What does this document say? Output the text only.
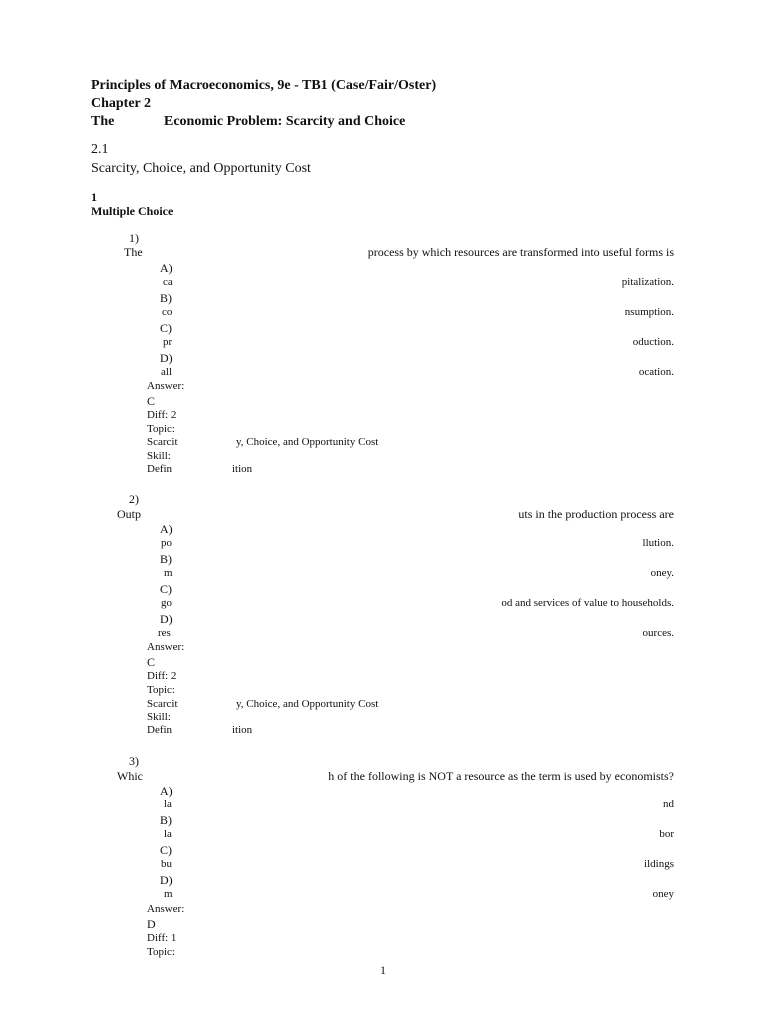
Principles of Macroeconomics, 9e - TB1 (Case/Fair/Oster)
Chapter 2
The	Economic Problem: Scarcity and Choice
2.1
Scarcity, Choice, and Opportunity Cost
1
Multiple Choice
1)
The	process by which resources are transformed into useful forms is
A)
ca	pitalization.
B)
co	nsumption.
C)
pr	oduction.
D)
all	ocation.
Answer:
C
Diff: 2
Topic:
Scarcit	y, Choice, and Opportunity Cost
Skill:
Defin	ition
2)
Outp	uts in the production process are
A)
po	llution.
B)
m	oney.
C)
go	od and services of value to households.
D)
res	ources.
Answer:
C
Diff: 2
Topic:
Scarcit	y, Choice, and Opportunity Cost
Skill:
Defin	ition
3)
Whic	h of the following is NOT a resource as the term is used by economists?
A)
la	nd
B)
la	bor
C)
bu	ildings
D)
m	oney
Answer:
D
Diff: 1
Topic:
1
